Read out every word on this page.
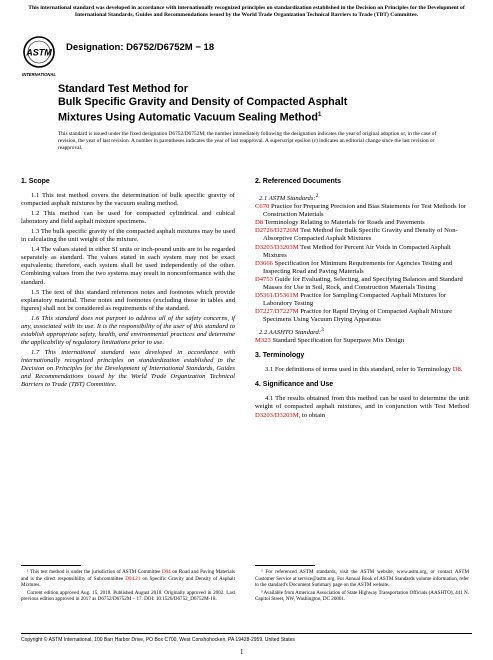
This international standard was developed in accordance with internationally recognized principles on standardization established in the Decision on Principles for the Development of International Standards, Guides and Recommendations issued by the World Trade Organization Technical Barriers to Trade (TBT) Committee.
ASTM
INTERNATIONAL
Designation: D6752/D6752M − 18
Standard Test Method for
Bulk Specific Gravity and Density of Compacted Asphalt
Mixtures Using Automatic Vacuum Sealing Method$^1$
This standard is issued under the fixed designation D6752/D6752M; the number immediately following the designation indicates the year of original adoption or, in the case of revision, the year of last revision. A number in parentheses indicates the year of last reapproval. A superscript epsilon (ε) indicates an editorial change since the last revision or reapproval.
1. Scope
1.1 This test method covers the determination of bulk specific gravity of compacted asphalt mixtures by the vacuum sealing method.
1.2 This method can be used for compacted cylindrical and cubical laboratory and field asphalt mixture specimens.
1.3 The bulk specific gravity of the compacted asphalt mixtures may be used in calculating the unit weight of the mixture.
1.4 The values stated in either SI units or inch-pound units are to be regarded separately as standard. The values stated in each system may not be exact equivalents; therefore, each system shall be used independently of the other. Combining values from the two systems may result in nonconformance with the standard.
1.5 The text of this standard references notes and footnotes which provide explanatory material. These notes and footnotes (excluding those in tables and figures) shall not be considered as requirements of the standard.
1.6 This standard does not purport to address all of the safety concerns, if any, associated with its use. It is the responsibility of the user of this standard to establish appropriate safety, health, and environmental practices and determine the applicability of regulatory limitations prior to use.
1.7 This international standard was developed in accordance with internationally recognized principles on standardization established in the Decision on Principles for the Development of International Standards, Guides and Recommendations issued by the World Trade Organization Technical Barriers to Trade (TBT) Committee.
2. Referenced Documents
2.1 ASTM Standards:$^2$
C670 Practice for Preparing Precision and Bias Statements for Test Methods for Construction Materials
D8 Terminology Relating to Materials for Roads and Pavements
D2726/D2726M Test Method for Bulk Specific Gravity and Density of Non-Absorptive Compacted Asphalt Mixtures
D3203/D3203M Test Method for Percent Air Voids in Compacted Asphalt Mixtures
D3666 Specification for Minimum Requirements for Agencies Testing and Inspecting Road and Paving Materials
D4753 Guide for Evaluating, Selecting, and Specifying Balances and Standard Masses for Use in Soil, Rock, and Construction Materials Testing
D5361/D5361M Practice for Sampling Compacted Asphalt Mixtures for Laboratory Testing
D7227/D7227M Practice for Rapid Drying of Compacted Asphalt Mixture Specimens Using Vacuum Drying Apparatus
2.2 AASHTO Standard:$^3$
M323 Standard Specification for Superpave Mix Design
3. Terminology
3.1 For definitions of terms used in this standard, refer to Terminology D8.
4. Significance and Use
4.1 The results obtained from this method can be used to determine the unit weight of compacted asphalt mixtures, and in conjunction with Test Method D3203/D3203M, to obtain

¹ This test method is under the jurisdiction of ASTM Committee D04 on Road and Paving Materials and is the direct responsibility of Subcommittee D04.21 on Specific Gravity and Density of Asphalt Mixtures.

Current edition approved Aug. 15, 2018. Published August 2018. Originally approved in 2002. Last previous edition approved in 2017 as D6752/D6752M – 17. DOI: 10.1520/D6752_D6752M-18.

² For referenced ASTM standards, visit the ASTM website, www.astm.org, or contact ASTM Customer Service at service@astm.org. For Annual Book of ASTM Standards volume information, refer to the standard's Document Summary page on the ASTM website.

³ Available from American Association of State Highway Transportation Officials (AASHTO), 441 N. Capitol Street, NW, Washington, DC 20001.

Copyright © ASTM International, 100 Barr Harbor Drive, PO Box C700, West Conshohocken, PA 19428-2959. United States
1
